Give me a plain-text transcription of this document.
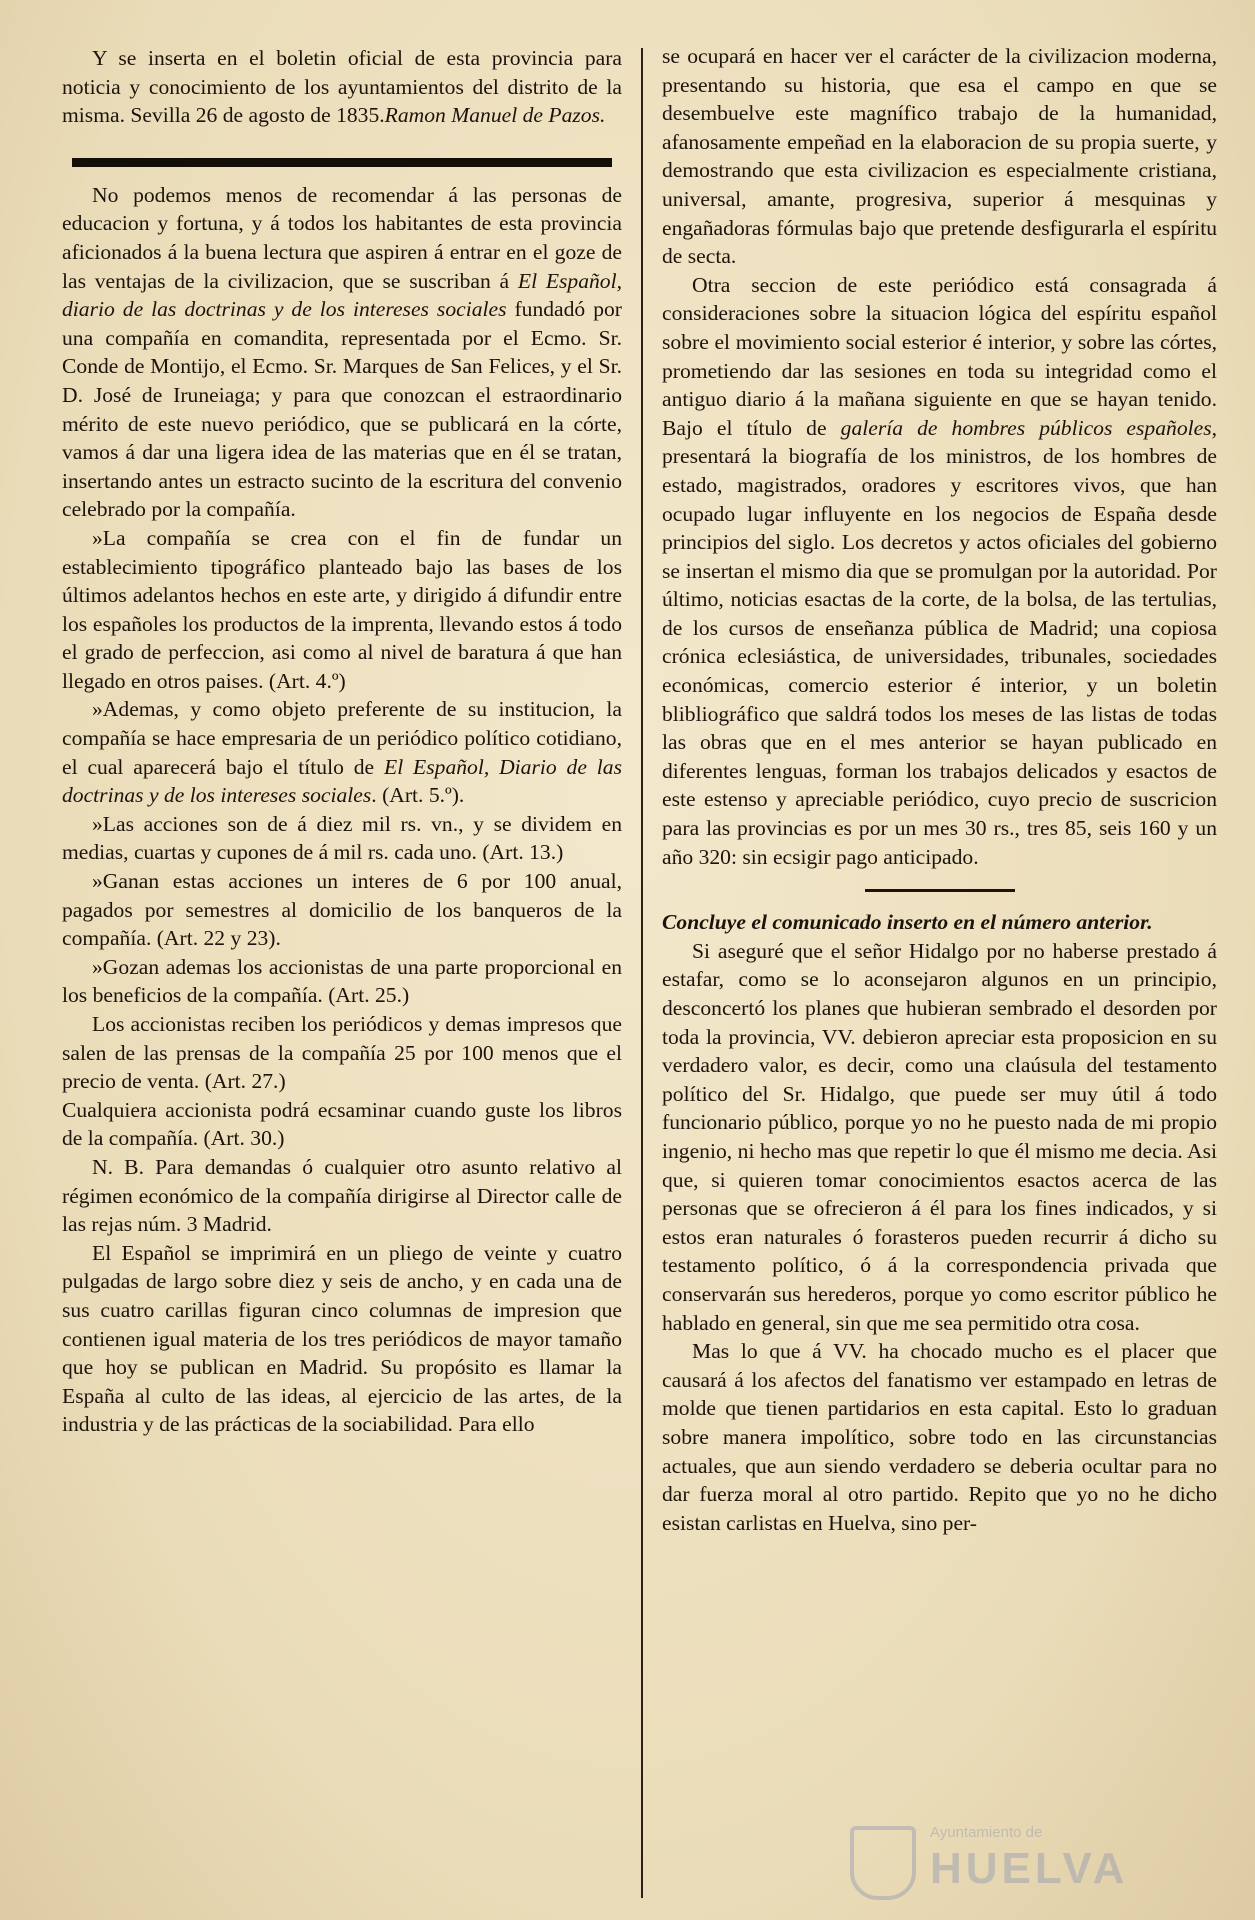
Y se inserta en el boletin oficial de esta provincia para noticia y conocimiento de los ayuntamientos del distrito de la misma. Sevilla 26 de agosto de 1835.Ramon Manuel de Pazos.

No podemos menos de recomendar á las personas de educacion y fortuna, y á todos los habitantes de esta provincia aficionados á la buena lectura que aspiren á entrar en el goze de las ventajas de la civilizacion, que se suscriban á El Español, diario de las doctrinas y de los intereses sociales fundadó por una compañía en comandita, representada por el Ecmo. Sr. Conde de Montijo, el Ecmo. Sr. Marques de San Felices, y el Sr. D. José de Iruneiaga; y para que conozcan el estraordinario mérito de este nuevo periódico, que se publicará en la córte, vamos á dar una ligera idea de las materias que en él se tratan, insertando antes un estracto sucinto de la escritura del convenio celebrado por la compañía.

»La compañía se crea con el fin de fundar un establecimiento tipográfico planteado bajo las bases de los últimos adelantos hechos en este arte, y dirigido á difundir entre los españoles los productos de la imprenta, llevando estos á todo el grado de perfeccion, asi como al nivel de baratura á que han llegado en otros paises. (Art. 4.º)

»Ademas, y como objeto preferente de su institucion, la compañía se hace empresaria de un periódico político cotidiano, el cual aparecerá bajo el título de El Español, Diario de las doctrinas y de los intereses sociales. (Art. 5.º).

»Las acciones son de á diez mil rs. vn., y se dividem en medias, cuartas y cupones de á mil rs. cada uno. (Art. 13.)

»Ganan estas acciones un interes de 6 por 100 anual, pagados por semestres al domicilio de los banqueros de la compañía. (Art. 22 y 23).

»Gozan ademas los accionistas de una parte proporcional en los beneficios de la compañía. (Art. 25.)

Los accionistas reciben los periódicos y demas impresos que salen de las prensas de la compañía 25 por 100 menos que el precio de venta. (Art. 27.)

Cualquiera accionista podrá ecsaminar cuando guste los libros de la compañía. (Art. 30.)

N. B. Para demandas ó cualquier otro asunto relativo al régimen económico de la compañía dirigirse al Director calle de las rejas núm. 3 Madrid.

El Español se imprimirá en un pliego de veinte y cuatro pulgadas de largo sobre diez y seis de ancho, y en cada una de sus cuatro carillas figuran cinco columnas de impresion que contienen igual materia de los tres periódicos de mayor tamaño que hoy se publican en Madrid. Su propósito es llamar la España al culto de las ideas, al ejercicio de las artes, de la industria y de las prácticas de la sociabilidad. Para ello

se ocupará en hacer ver el carácter de la civilizacion moderna, presentando su historia, que esa el campo en que se desembuelve este magnífico trabajo de la humanidad, afanosamente empeñad en la elaboracion de su propia suerte, y demostrando que esta civilizacion es especialmente cristiana, universal, amante, progresiva, superior á mesquinas y engañadoras fórmulas bajo que pretende desfigurarla el espíritu de secta.

Otra seccion de este periódico está consagrada á consideraciones sobre la situacion lógica del espíritu español sobre el movimiento social esterior é interior, y sobre las córtes, prometiendo dar las sesiones en toda su integridad como el antiguo diario á la mañana siguiente en que se hayan tenido. Bajo el título de galería de hombres públicos españoles, presentará la biografía de los ministros, de los hombres de estado, magistrados, oradores y escritores vivos, que han ocupado lugar influyente en los negocios de España desde principios del siglo. Los decretos y actos oficiales del gobierno se insertan el mismo dia que se promulgan por la autoridad. Por último, noticias esactas de la corte, de la bolsa, de las tertulias, de los cursos de enseñanza pública de Madrid; una copiosa crónica eclesiástica, de universidades, tribunales, sociedades económicas, comercio esterior é interior, y un boletin blibliográfico que saldrá todos los meses de las listas de todas las obras que en el mes anterior se hayan publicado en diferentes lenguas, forman los trabajos delicados y esactos de este estenso y apreciable periódico, cuyo precio de suscricion para las provincias es por un mes 30 rs., tres 85, seis 160 y un año 320: sin ecsigir pago anticipado.

Concluye el comunicado inserto en el número anterior.

Si aseguré que el señor Hidalgo por no haberse prestado á estafar, como se lo aconsejaron algunos en un principio, desconcertó los planes que hubieran sembrado el desorden por toda la provincia, VV. debieron apreciar esta proposicion en su verdadero valor, es decir, como una claúsula del testamento político del Sr. Hidalgo, que puede ser muy útil á todo funcionario público, porque yo no he puesto nada de mi propio ingenio, ni hecho mas que repetir lo que él mismo me decia. Asi que, si quieren tomar conocimientos esactos acerca de las personas que se ofrecieron á él para los fines indicados, y si estos eran naturales ó forasteros pueden recurrir á dicho su testamento político, ó á la correspondencia privada que conservarán sus herederos, porque yo como escritor público he hablado en general, sin que me sea permitido otra cosa.

Mas lo que á VV. ha chocado mucho es el placer que causará á los afectos del fanatismo ver estampado en letras de molde que tienen partidarios en esta capital. Esto lo graduan sobre manera impolítico, sobre todo en las circunstancias actuales, que aun siendo verdadero se deberia ocultar para no dar fuerza moral al otro partido. Repito que yo no he dicho esistan carlistas en Huelva, sino per-

Ayuntamiento de
HUELVA
